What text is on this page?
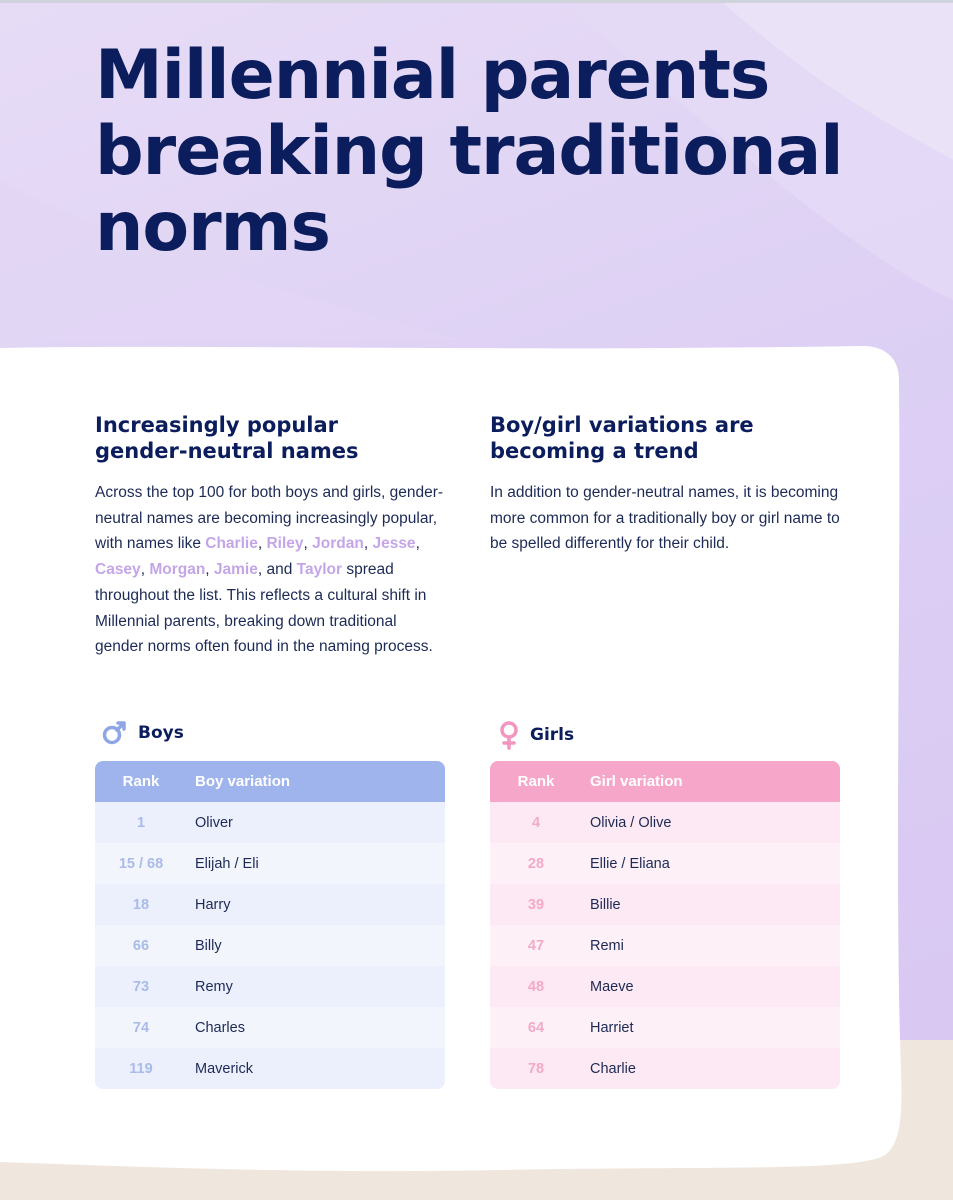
Millennial parents breaking traditional norms
Increasingly popular
gender-neutral names

Across the top 100 for both boys and girls, gender-neutral names are becoming increasingly popular, with names like Charlie, Riley, Jordan, Jesse, Casey, Morgan, Jamie, and Taylor spread throughout the list. This reflects a cultural shift in Millennial parents, breaking down traditional gender norms often found in the naming process.

Boy/girl variations are
becoming a trend

In addition to gender-neutral names, it is becoming more common for a traditionally boy or girl name to be spelled differently for their child.

Boys	Girls
Rank	Boy variation
1	Oliver
15 / 68	Elijah / Eli
18	Harry
66	Billy
73	Remy
74	Charles
119	Maverick
Rank	Girl variation
4	Olivia / Olive
28	Ellie / Eliana
39	Billie
47	Remi
48	Maeve
64	Harriet
78	Charlie
